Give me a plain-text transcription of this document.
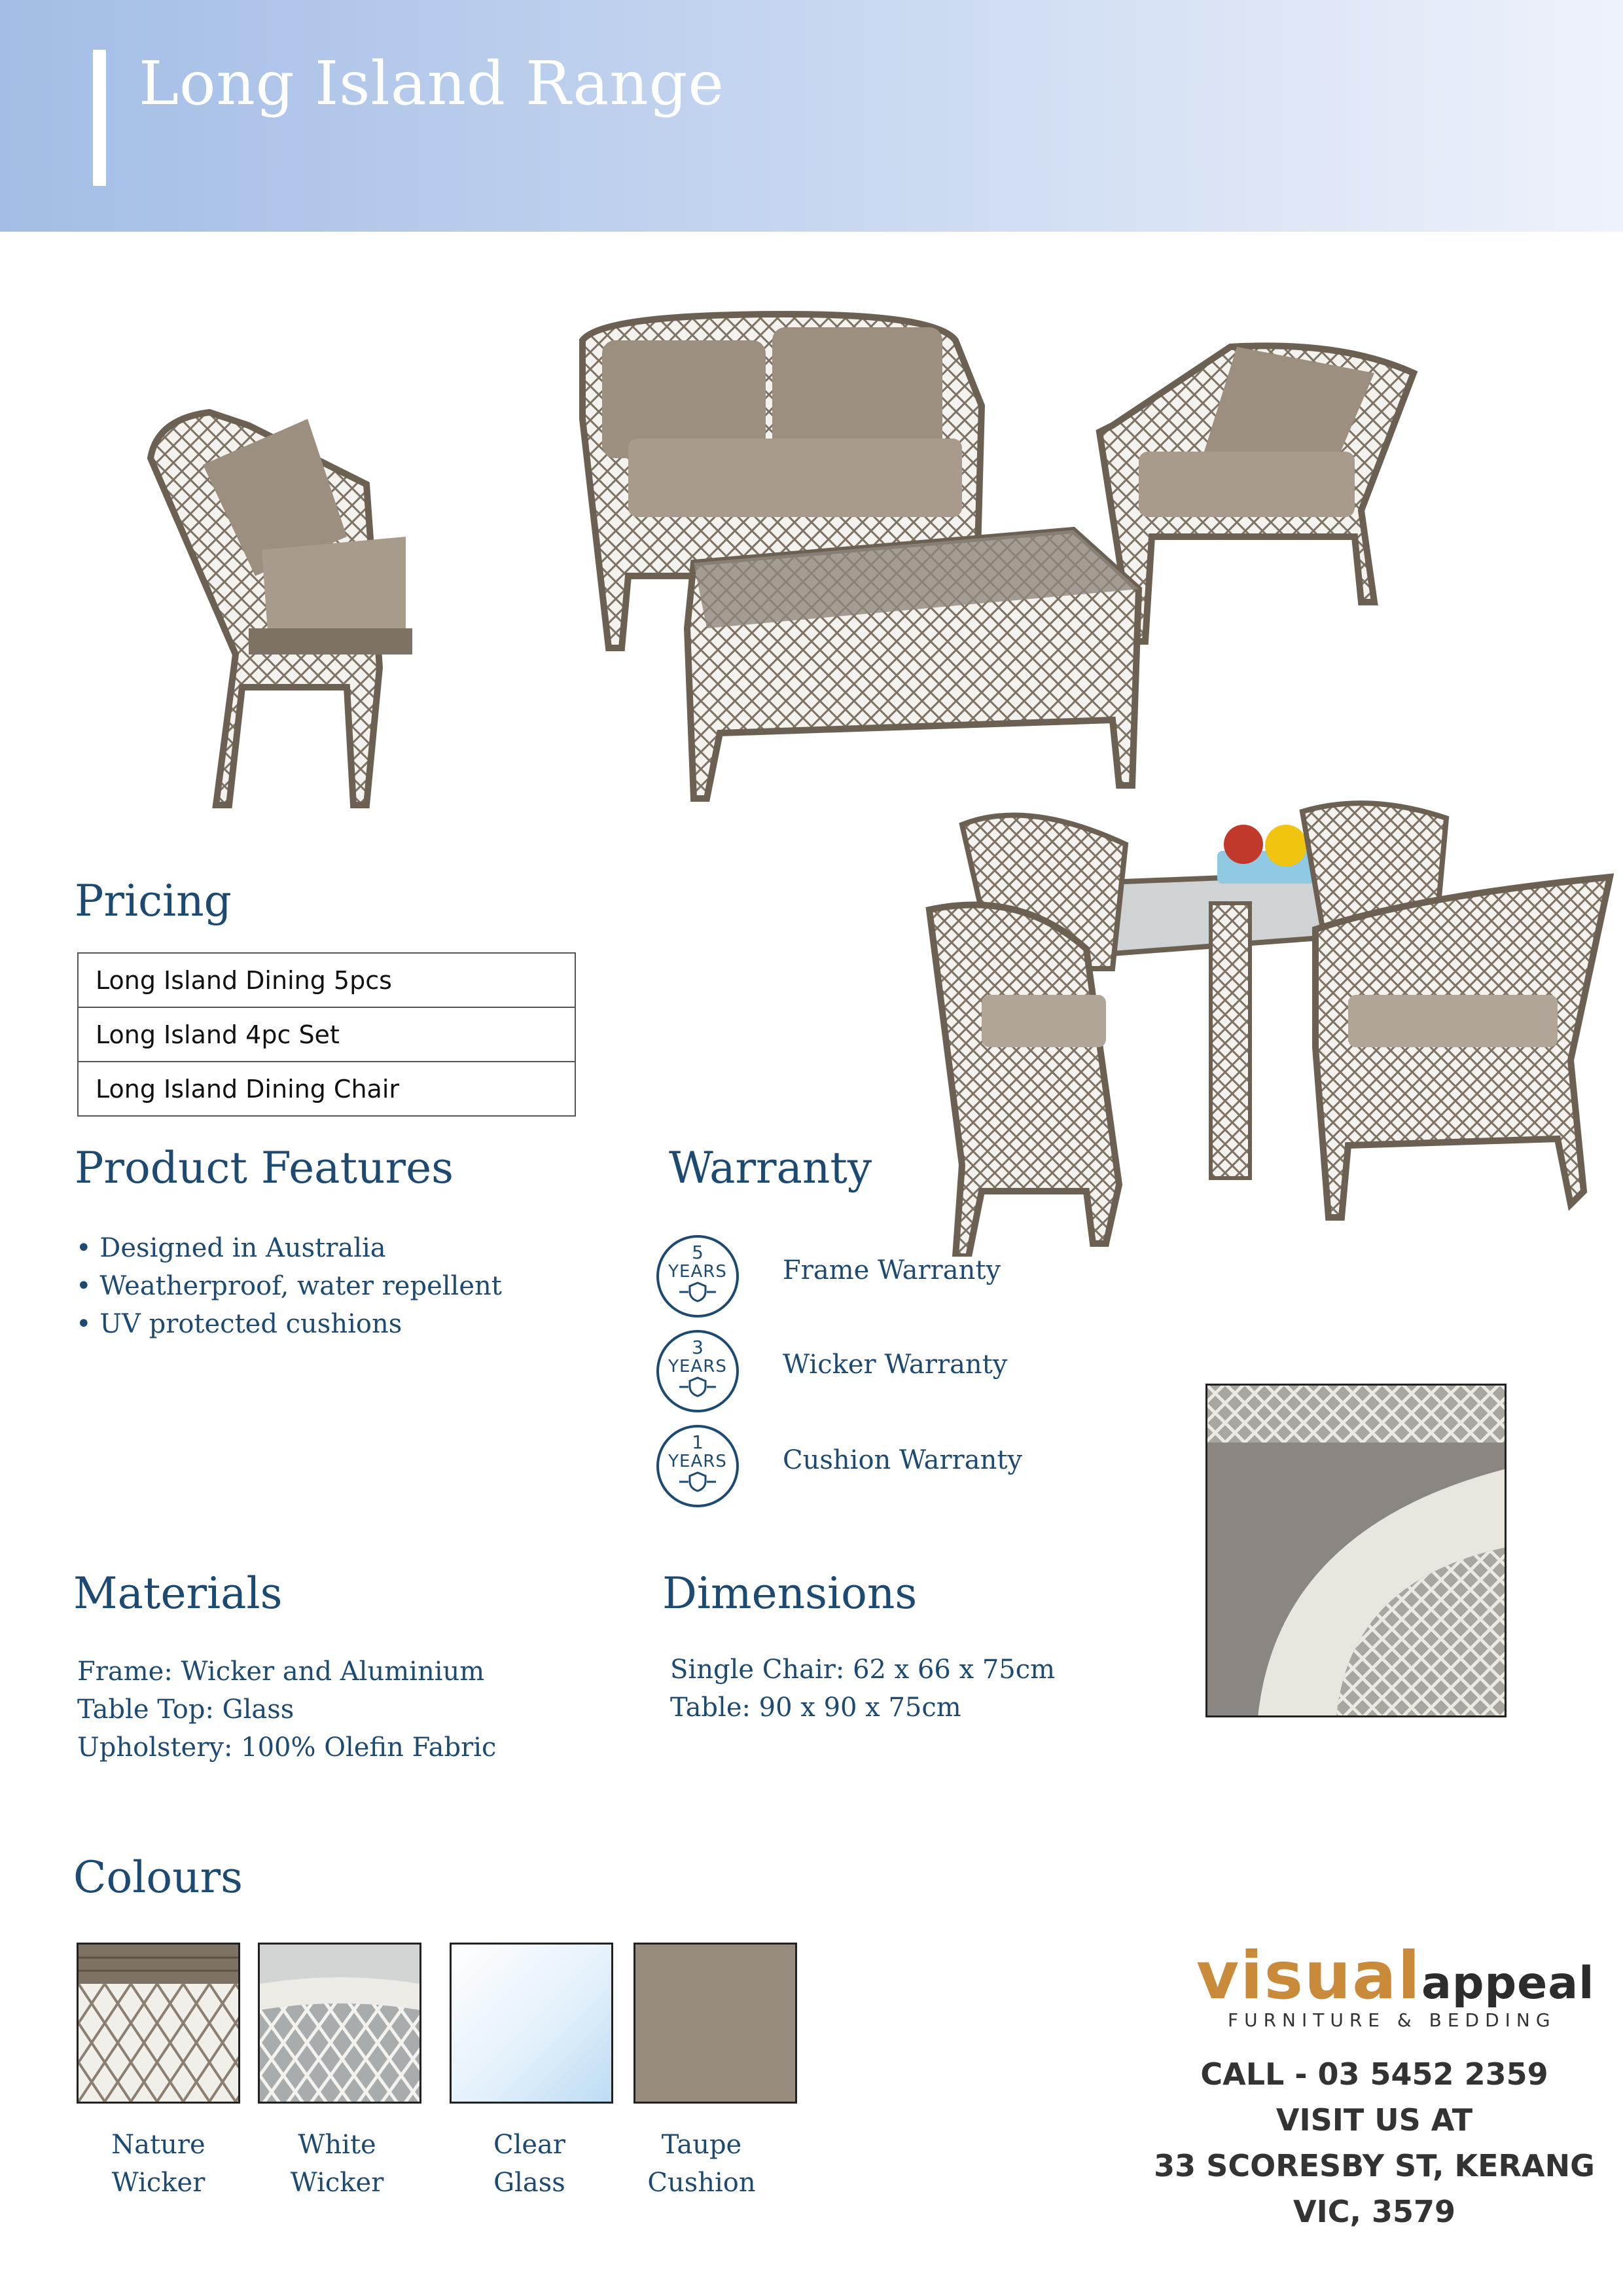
Long Island Range
Pricing
Long Island Dining 5pcs
Long Island 4pc Set
Long Island Dining Chair
Product Features
• Designed in Australia
• Weatherproof, water repellent
• UV protected cushions
Warranty
5
YEARS	Frame Warranty
3
YEARS	Wicker Warranty
1
YEARS	Cushion Warranty
Materials
Frame: Wicker and Aluminium
Table Top: Glass
Upholstery: 100% Olefin Fabric
Dimensions
Single Chair: 62 x 66 x 75cm
Table: 90 x 90 x 75cm
Colours
Nature
Wicker
White
Wicker
Clear
Glass
Taupe
Cushion
visualappeal
FURNITURE & BEDDING
CALL - 03 5452 2359
VISIT US AT
33 SCORESBY ST, KERANG
VIC, 3579
